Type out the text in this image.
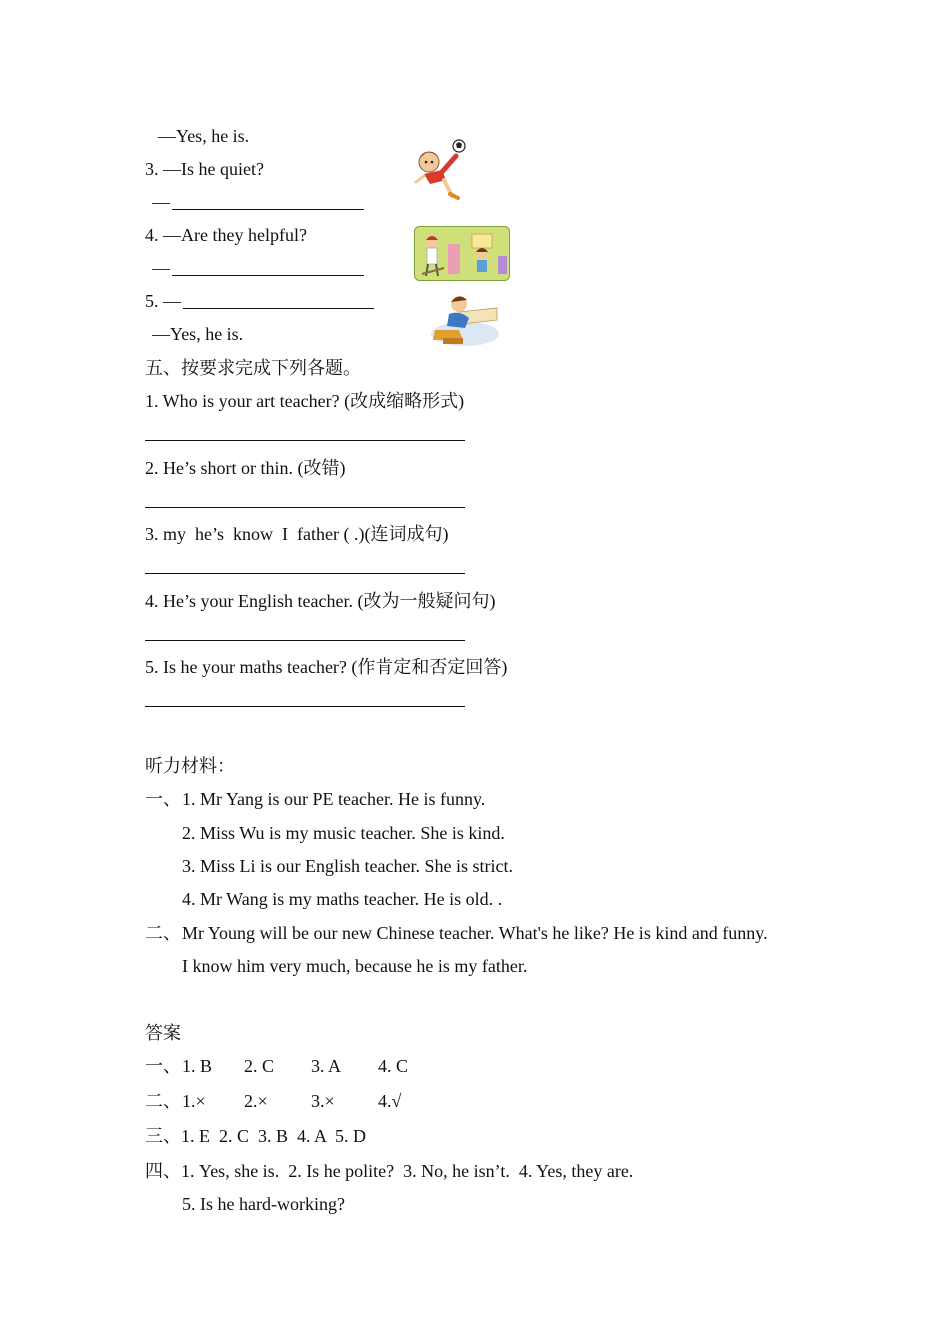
—Yes, he is.
3. —Is he quiet?
—
4. —Are they helpful?
—
5. —
—Yes, he is.
五、按要求完成下列各题。
1. Who is your art teacher? (改成缩略形式)
2. He’s short or thin. (改错)
3. my  he’s  know  I  father ( .)(连词成句)
4. He’s your English teacher. (改为一般疑问句)
5. Is he your maths teacher? (作肯定和否定回答)
听力材料：
一、 1. Mr Yang is our PE teacher. He is funny.
2. Miss Wu is my music teacher. She is kind.
3. Miss Li is our English teacher. She is strict.
4. Mr Wang is my maths teacher. He is old. .
二、 Mr Young will be our new Chinese teacher. What's he like? He is kind and funny.
I know him very much, because he is my father.
答案
一、 1. B 2. C 3. A 4. C
二、 1.× 2.× 3.× 4.√
三、1. E  2. C  3. B  4. A  5. D
四、1. Yes, she is.  2. Is he polite?  3. No, he isn’t.  4. Yes, they are.
5. Is he hard-working?
